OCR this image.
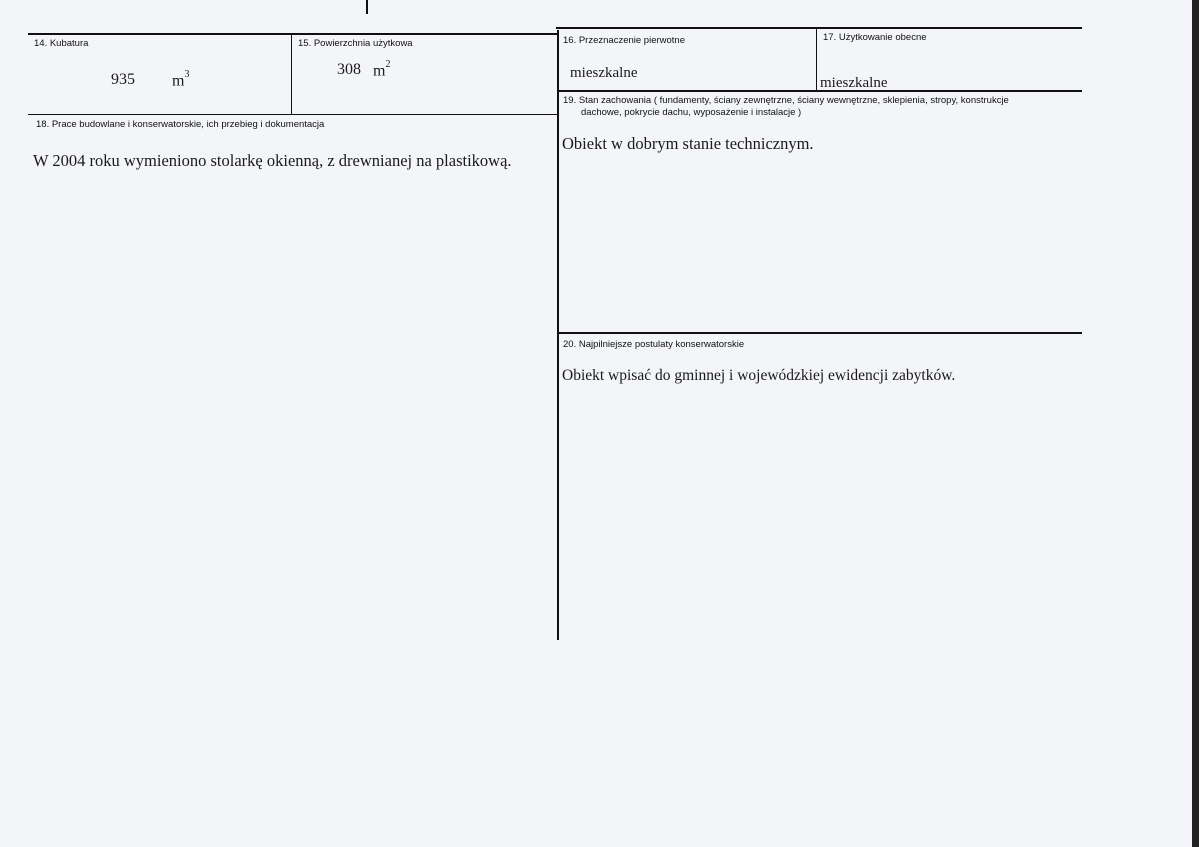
14. Kubatura
935 $m^3$
15. Powierzchnia użytkowa
308 $m^2$
16. Przeznaczenie pierwotne
mieszkalne
17. Użytkowanie obecne
mieszkalne
18. Prace budowlane i konserwatorskie, ich przebieg i dokumentacja
W 2004 roku wymieniono stolarkę okienną, z drewnianej na plastikową.
19. Stan zachowania ( fundamenty, ściany zewnętrzne, ściany wewnętrzne, sklepienia, stropy, konstrukcje
dachowe, pokrycie dachu, wyposażenie i instalacje )
Obiekt w dobrym stanie technicznym.
20. Najpilniejsze postulaty konserwatorskie
Obiekt wpisać do gminnej i wojewódzkiej ewidencji zabytków.
